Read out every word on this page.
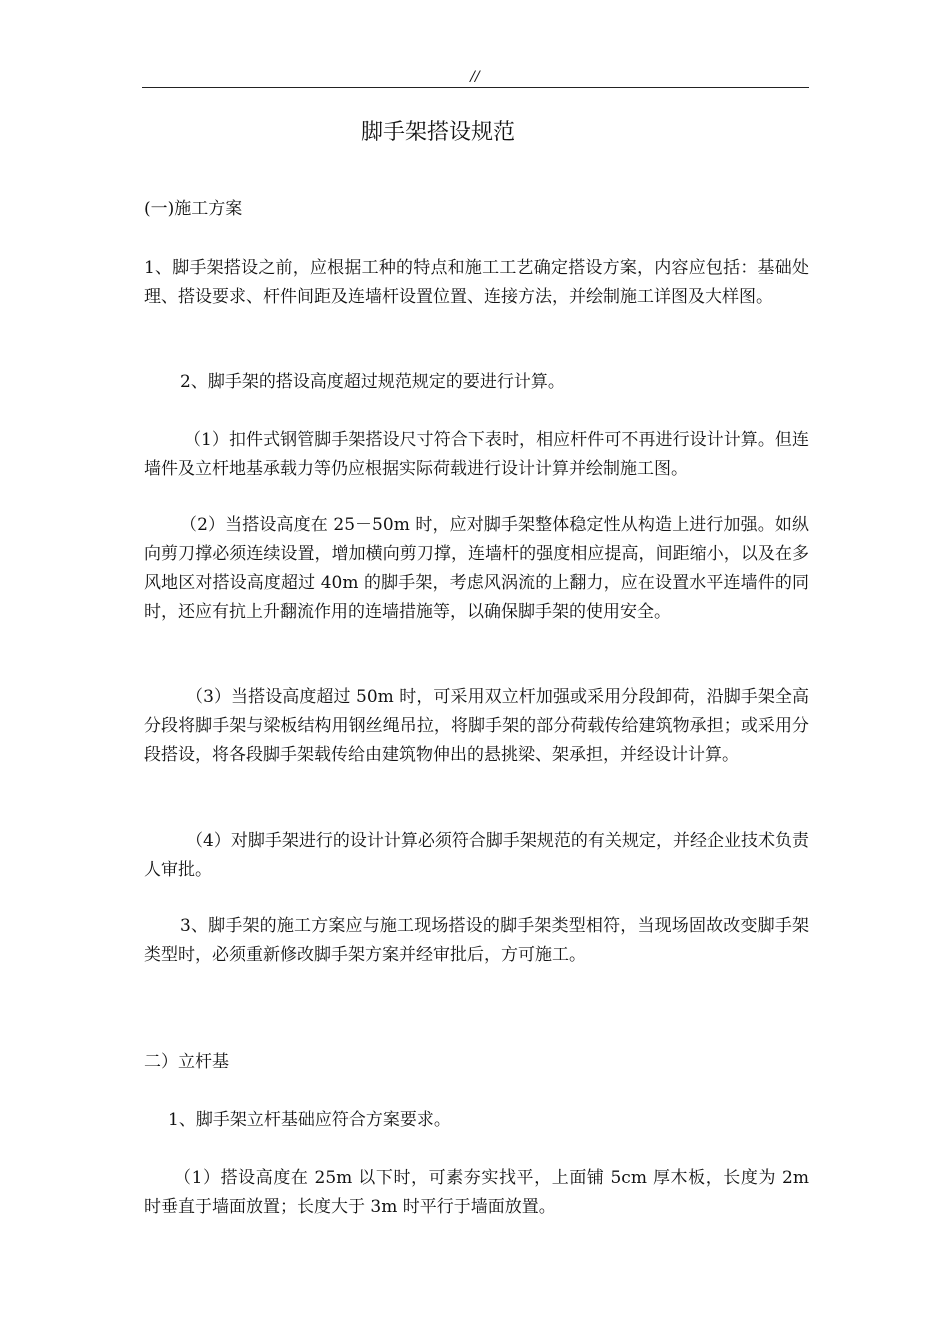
//
脚手架搭设规范

(一)施工方案

1、脚手架搭设之前，应根据工种的特点和施工工艺确定搭设方案，内容应包括：基础处理、搭设要求、杆件间距及连墙杆设置位置、连接方法，并绘制施工详图及大样图。

2、脚手架的搭设高度超过规范规定的要进行计算。

（1）扣件式钢管脚手架搭设尺寸符合下表时，相应杆件可不再进行设计计算。但连墙件及立杆地基承载力等仍应根据实际荷载进行设计计算并绘制施工图。

（2）当搭设高度在 25－50m 时，应对脚手架整体稳定性从构造上进行加强。如纵向剪刀撑必须连续设置，增加横向剪刀撑，连墙杆的强度相应提高，间距缩小，以及在多风地区对搭设高度超过 40m 的脚手架，考虑风涡流的上翻力，应在设置水平连墙件的同时，还应有抗上升翻流作用的连墙措施等，以确保脚手架的使用安全。

（3）当搭设高度超过 50m 时，可采用双立杆加强或采用分段卸荷，沿脚手架全高分段将脚手架与梁板结构用钢丝绳吊拉，将脚手架的部分荷载传给建筑物承担；或采用分段搭设，将各段脚手架载传给由建筑物伸出的悬挑梁、架承担，并经设计计算。

（4）对脚手架进行的设计计算必须符合脚手架规范的有关规定，并经企业技术负责人审批。

3、脚手架的施工方案应与施工现场搭设的脚手架类型相符，当现场固故改变脚手架类型时，必须重新修改脚手架方案并经审批后，方可施工。

二）立杆基

1、脚手架立杆基础应符合方案要求。

（1）搭设高度在 25m 以下时，可素夯实找平，上面铺 5cm 厚木板，长度为 2m 时垂直于墙面放置；长度大于 3m 时平行于墙面放置。
